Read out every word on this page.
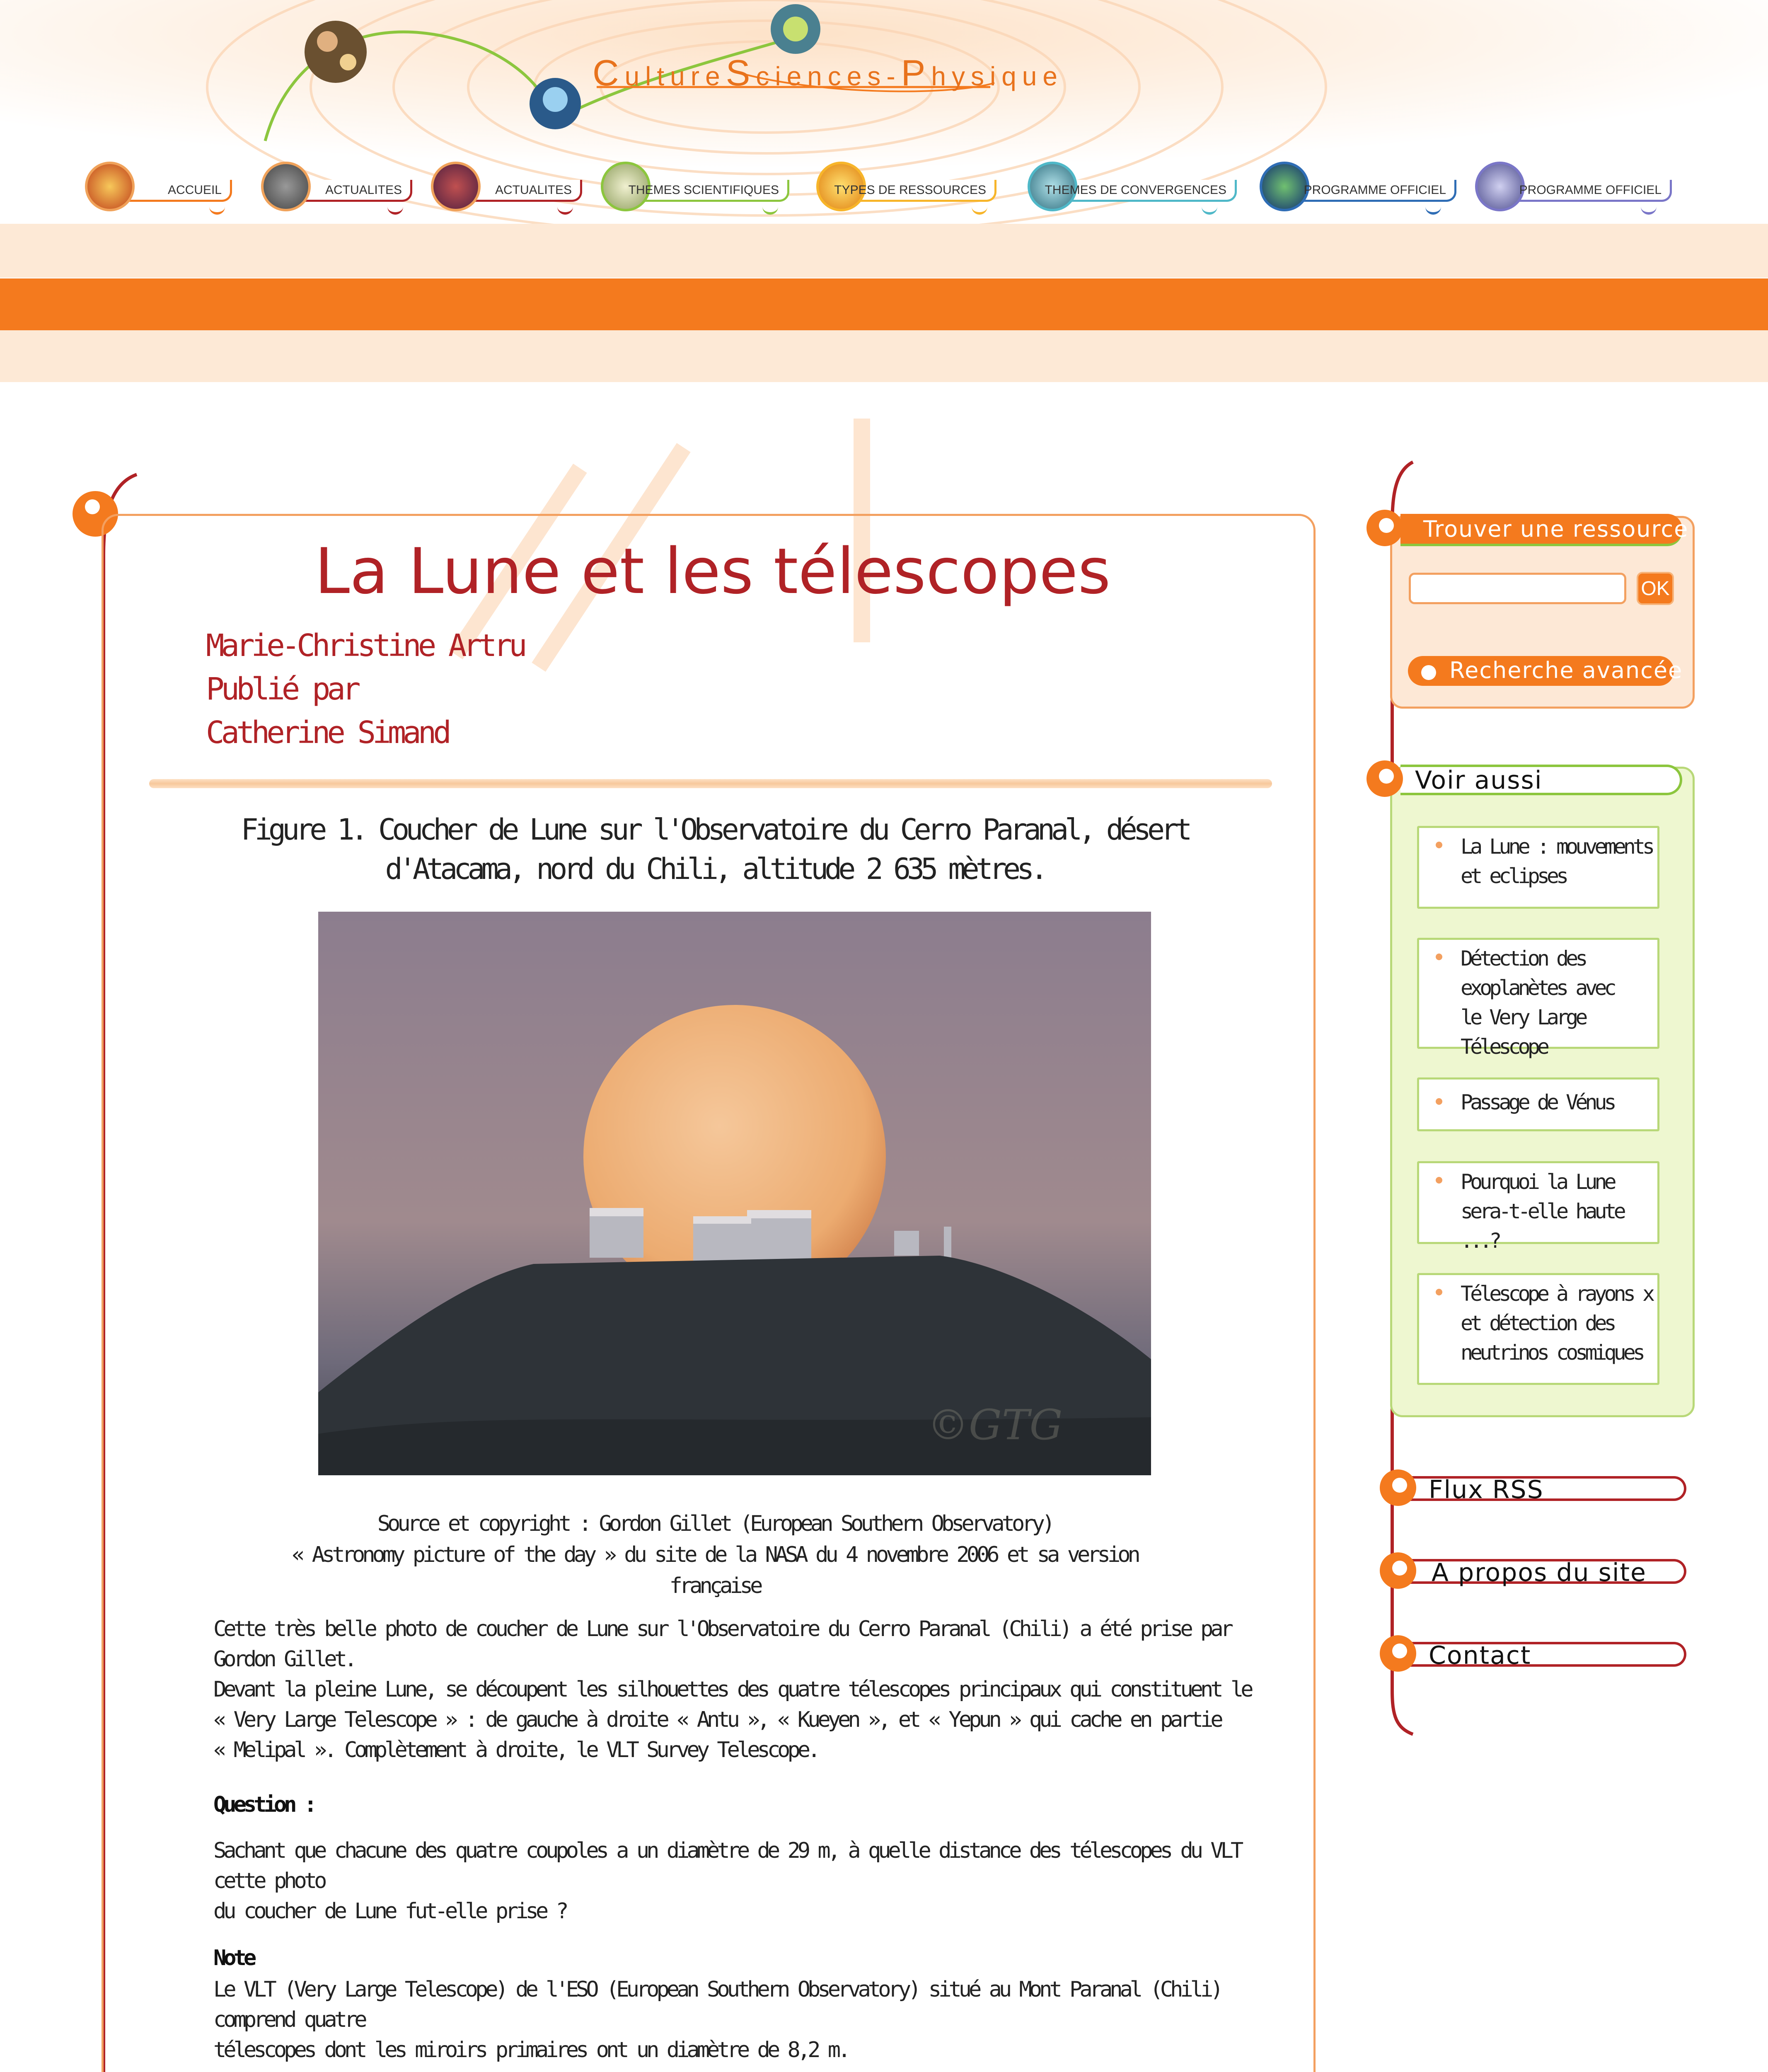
CultureSciences-Physique
ACCUEIL	ACTUALITES	ACTUALITES	THEMES SCIENTIFIQUES	TYPES DE RESSOURCES	THEMES DE CONVERGENCES	PROGRAMME OFFICIEL	PROGRAMME OFFICIEL
La Lune et les télescopes
Marie-Christine Artru
Publié par
Catherine Simand
Figure 1. Coucher de Lune sur l'Observatoire du Cerro Paranal, désert d'Atacama, nord du Chili, altitude 2 635 mètres.
©GTG
Source et copyright : Gordon Gillet (European Southern Observatory)
« Astronomy picture of the day » du site de la NASA du 4 novembre 2006 et sa version française
Cette très belle photo de coucher de Lune sur l'Observatoire du Cerro Paranal (Chili) a été prise par Gordon Gillet.
Devant la pleine Lune, se découpent les silhouettes des quatre télescopes principaux qui constituent le
« Very Large Telescope » : de gauche à droite « Antu », « Kueyen », et « Yepun » qui cache en partie
« Melipal ». Complètement à droite, le VLT Survey Telescope.
Question :
Sachant que chacune des quatre coupoles a un diamètre de 29 m, à quelle distance des télescopes du VLT cette photo
du coucher de Lune fut-elle prise ?
Note
Le VLT (Very Large Telescope) de l'ESO (European Southern Observatory) situé au Mont Paranal (Chili) comprend quatre
télescopes dont les miroirs primaires ont un diamètre de 8,2 m.
Trouver une ressource
OK
Recherche avancée
Voir aussi
La Lune : mouvements
et eclipses
Détection des
exoplanètes avec
le Very Large Télescope
Passage de Vénus
Pourquoi la Lune
sera-t-elle haute ...?
Télescope à rayons x
et détection des
neutrinos cosmiques
Flux RSS
A propos du site
Contact
